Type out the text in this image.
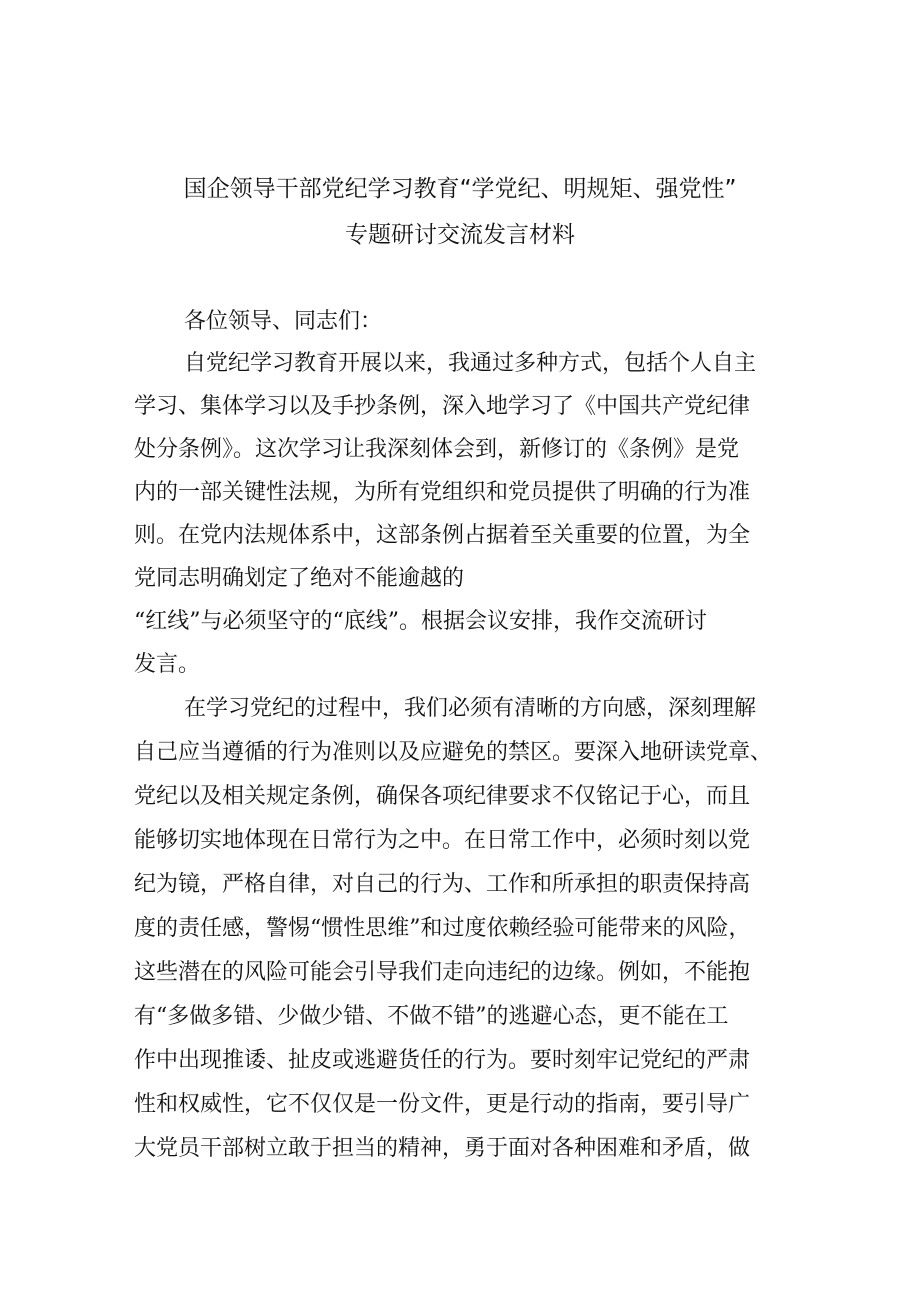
国企领导干部党纪学习教育“学党纪、明规矩、强党性”
专题研讨交流发言材料
各位领导、同志们：
自党纪学习教育开展以来，我通过多种方式，包括个人自主
学习、集体学习以及手抄条例，深入地学习了《中国共产党纪律
处分条例》。这次学习让我深刻体会到，新修订的《条例》是党
内的一部关键性法规，为所有党组织和党员提供了明确的行为准
则。在党内法规体系中，这部条例占据着至关重要的位置，为全
党同志明确划定了绝对不能逾越的
“红线”与必须坚守的“底线”。根据会议安排，我作交流研讨
发言。
在学习党纪的过程中，我们必须有清晰的方向感，深刻理解
自己应当遵循的行为准则以及应避免的禁区。要深入地研读党章、
党纪以及相关规定条例，确保各项纪律要求不仅铭记于心，而且
能够切实地体现在日常行为之中。在日常工作中，必须时刻以党
纪为镜，严格自律，对自己的行为、工作和所承担的职责保持高
度的责任感，警惕“惯性思维”和过度依赖经验可能带来的风险，
这些潜在的风险可能会引导我们走向违纪的边缘。例如，不能抱
有“多做多错、少做少错、不做不错”的逃避心态，更不能在工
作中出现推诿、扯皮或逃避货任的行为。要时刻牢记党纪的严肃
性和权威性，它不仅仅是一份文件，更是行动的指南，要引导广
大党员干部树立敢于担当的精神，勇于面对各种困难和矛盾，做
